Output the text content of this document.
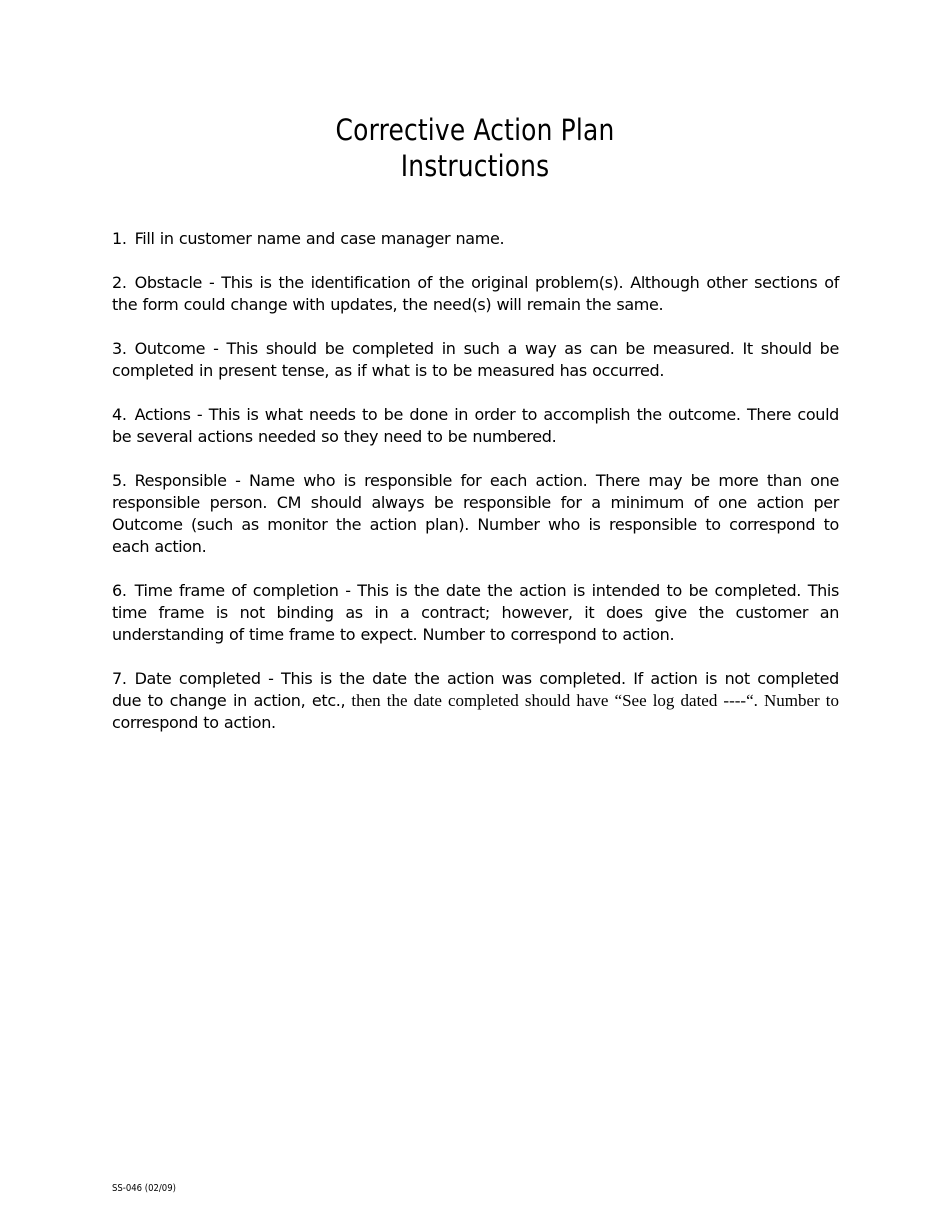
Corrective Action Plan
Instructions
1. Fill in customer name and case manager name.
2. Obstacle - This is the identification of the original problem(s). Although other sections of the form could change with updates, the need(s) will remain the same.
3. Outcome - This should be completed in such a way as can be measured. It should be completed in present tense, as if what is to be measured has occurred.
4. Actions - This is what needs to be done in order to accomplish the outcome. There could be several actions needed so they need to be numbered.
5. Responsible - Name who is responsible for each action. There may be more than one responsible person. CM should always be responsible for a minimum of one action per Outcome (such as monitor the action plan). Number who is responsible to correspond to each action.
6. Time frame of completion - This is the date the action is intended to be completed. This time frame is not binding as in a contract; however, it does give the customer an understanding of time frame to expect. Number to correspond to action.
7. Date completed - This is the date the action was completed. If action is not completed due to change in action, etc., then the date completed should have “See log dated ----“. Number to correspond to action.
SS-046 (02/09)
